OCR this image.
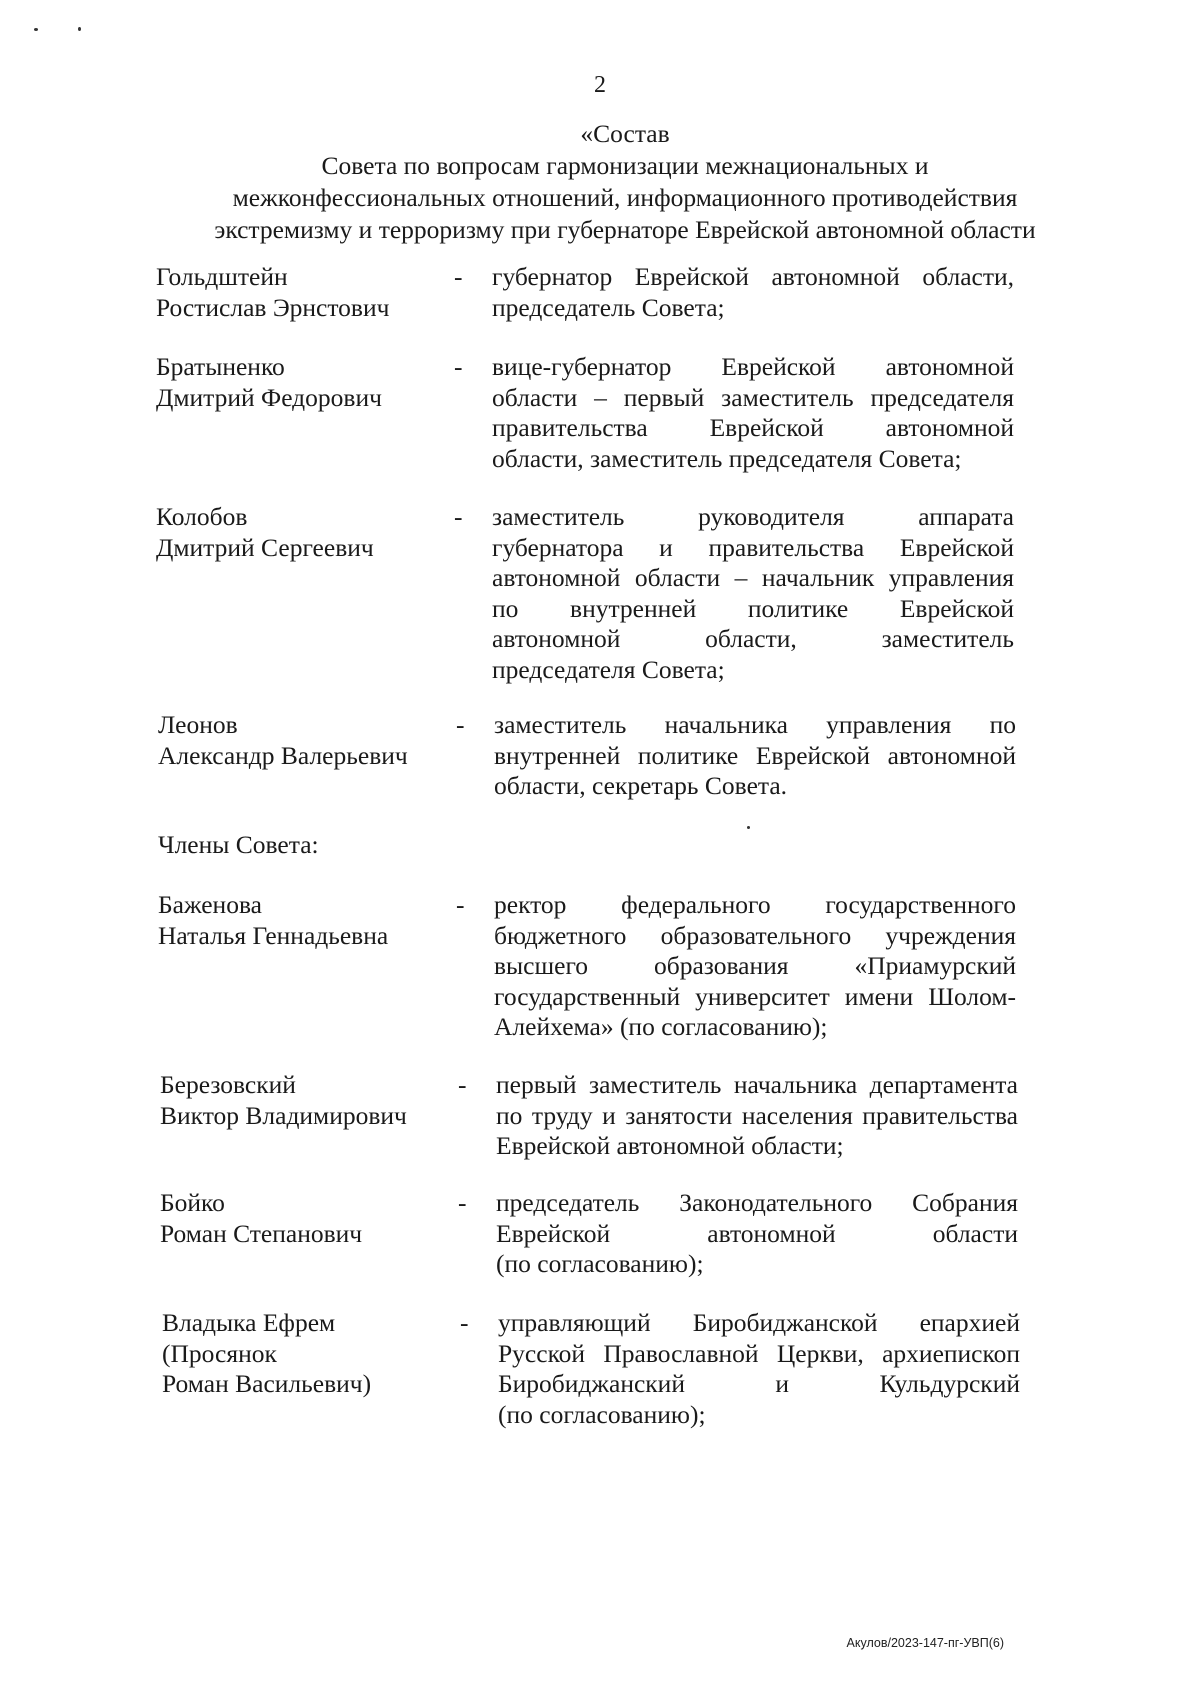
2
«Состав
Совета по вопросам гармонизации межнациональных и
межконфессиональных отношений, информационного противодействия
экстремизму и терроризму при губернаторе Еврейской автономной области
Гольдштейн
Ростислав Эрнстович
- губернатор Еврейской автономной области,
председатель Совета;
Братыненко
Дмитрий Федорович
- вице-губернатор Еврейской автономной
области – первый заместитель председателя
правительства Еврейской автономной
области, заместитель председателя Совета;
Колобов
Дмитрий Сергеевич
- заместитель руководителя аппарата
губернатора и правительства Еврейской
автономной области – начальник управления
по внутренней политике Еврейской
автономной области, заместитель
председателя Совета;
Леонов
Александр Валерьевич
- заместитель начальника управления по
внутренней политике Еврейской автономной
области, секретарь Совета.
Члены Совета:
Баженова
Наталья Геннадьевна
- ректор федерального государственного
бюджетного образовательного учреждения
высшего образования «Приамурский
государственный университет имени Шолом-
Алейхема» (по согласованию);
Березовский
Виктор Владимирович
- первый заместитель начальника департамента
по труду и занятости населения правительства
Еврейской автономной области;
Бойко
Роман Степанович
- председатель Законодательного Собрания
Еврейской автономной области
(по согласованию);
Владыка Ефрем
(Просянок
Роман Васильевич)
- управляющий Биробиджанской епархией
Русской Православной Церкви, архиепископ
Биробиджанский и Кульдурский
(по согласованию);
Акулов/2023-147-пг-УВП(6)
